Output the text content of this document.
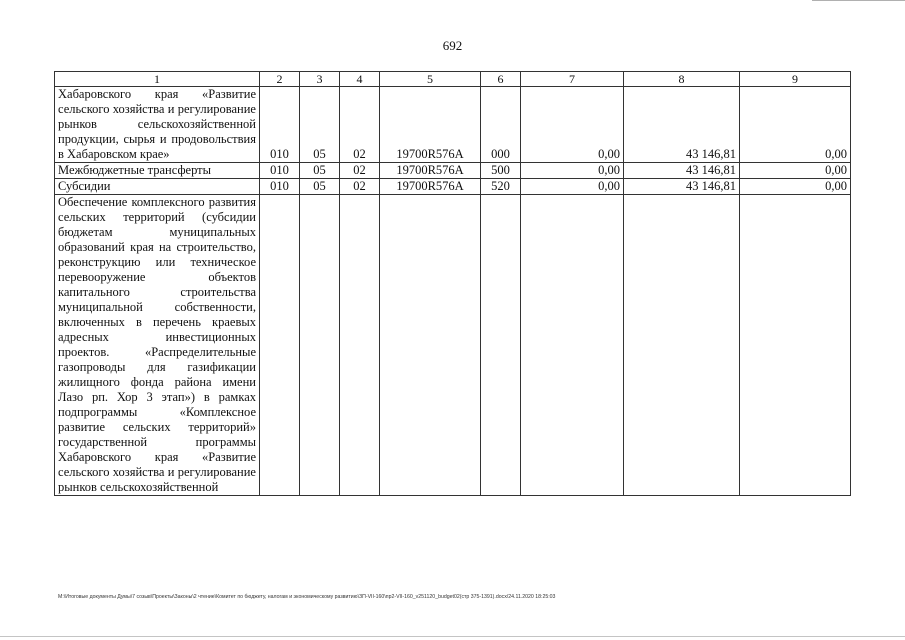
692
1	2	3	4	5	6	7	8	9
Хабаровского края «Развитие сельского хозяйства и регулирование рынков сельскохозяйственной продукции, сырья и продовольствия в Хабаровском крае»	010	05	02	19700R576A	000	0,00	43 146,81	0,00
Межбюджетные трансферты	010	05	02	19700R576A	500	0,00	43 146,81	0,00
Субсидии	010	05	02	19700R576A	520	0,00	43 146,81	0,00
Обеспечение комплексного развития сельских территорий (субсидии бюджетам муниципальных образований края на строительство, реконструкцию или техническое перевооружение объектов капитального строительства муниципальной собственности, включенных в перечень краевых адресных инвестиционных проектов. «Распределительные газопроводы для газификации жилищного фонда района имени Лазо рп. Хор 3 этап») в рамках подпрограммы «Комплексное развитие сельских территорий» государственной программы Хабаровского края «Развитие сельского хозяйства и регулирование рынков сельскохозяйственной								
M:\Итоговые документы Думы\7 созыв\Проекты\Законы\2 чтение\Комитет по бюджету, налогам и экономическому развитию\ЗП-VII-160\пр2-VII-160_v251120_budget02(стр 375-1391).docx/24.11.2020 18:25:03
